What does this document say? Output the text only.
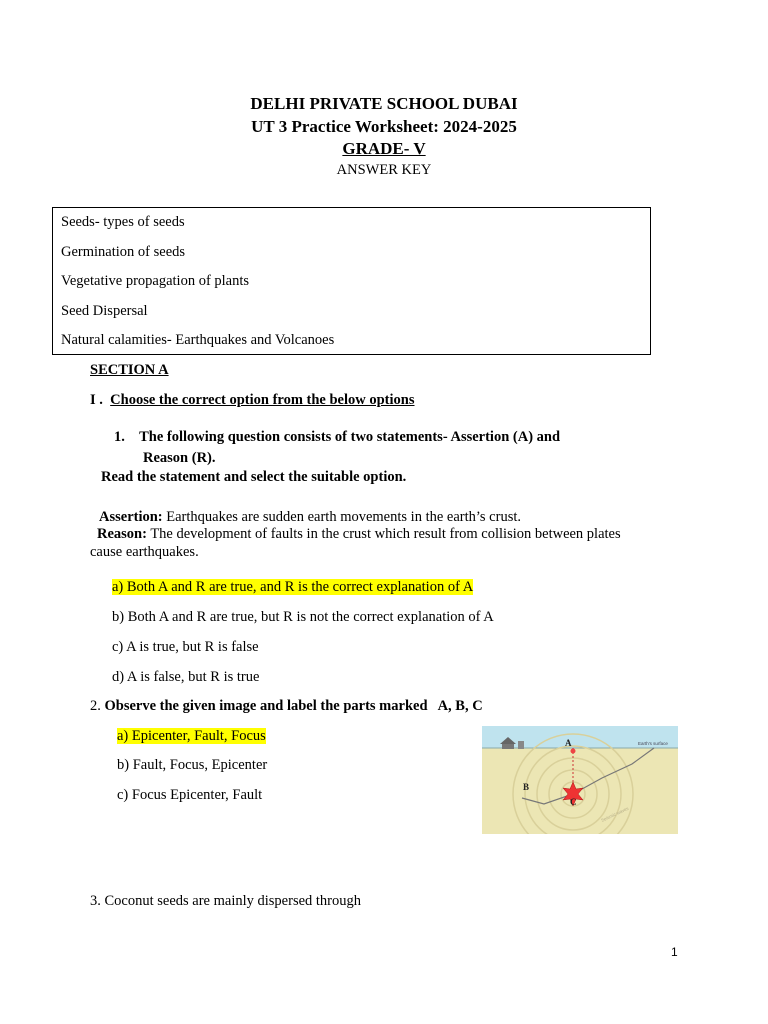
DELHI PRIVATE SCHOOL DUBAI
UT 3 Practice Worksheet: 2024-2025
GRADE- V
ANSWER KEY
Seeds- types of seeds
Germination of seeds
Vegetative propagation of plants
Seed Dispersal
Natural calamities- Earthquakes and Volcanoes
SECTION A
I . Choose the correct option from the below options
1. The following question consists of two statements- Assertion (A) and
Reason (R).
Read the statement and select the suitable option.
Assertion: Earthquakes are sudden earth movements in the earth’s crust.
Reason: The development of faults in the crust which result from collision between plates
cause earthquakes.
a) Both A and R are true, and R is the correct explanation of A
b) Both A and R are true, but R is not the correct explanation of A
c) A is true, but R is false
d) A is false, but R is true
2. Observe the given image and label the parts marked   A, B, C
a) Epicenter, Fault, Focus
b) Fault, Focus, Epicenter
c) Focus Epicenter, Fault
A
B
C
Earth's surface
Seismic waves
3. Coconut seeds are mainly dispersed through
1
